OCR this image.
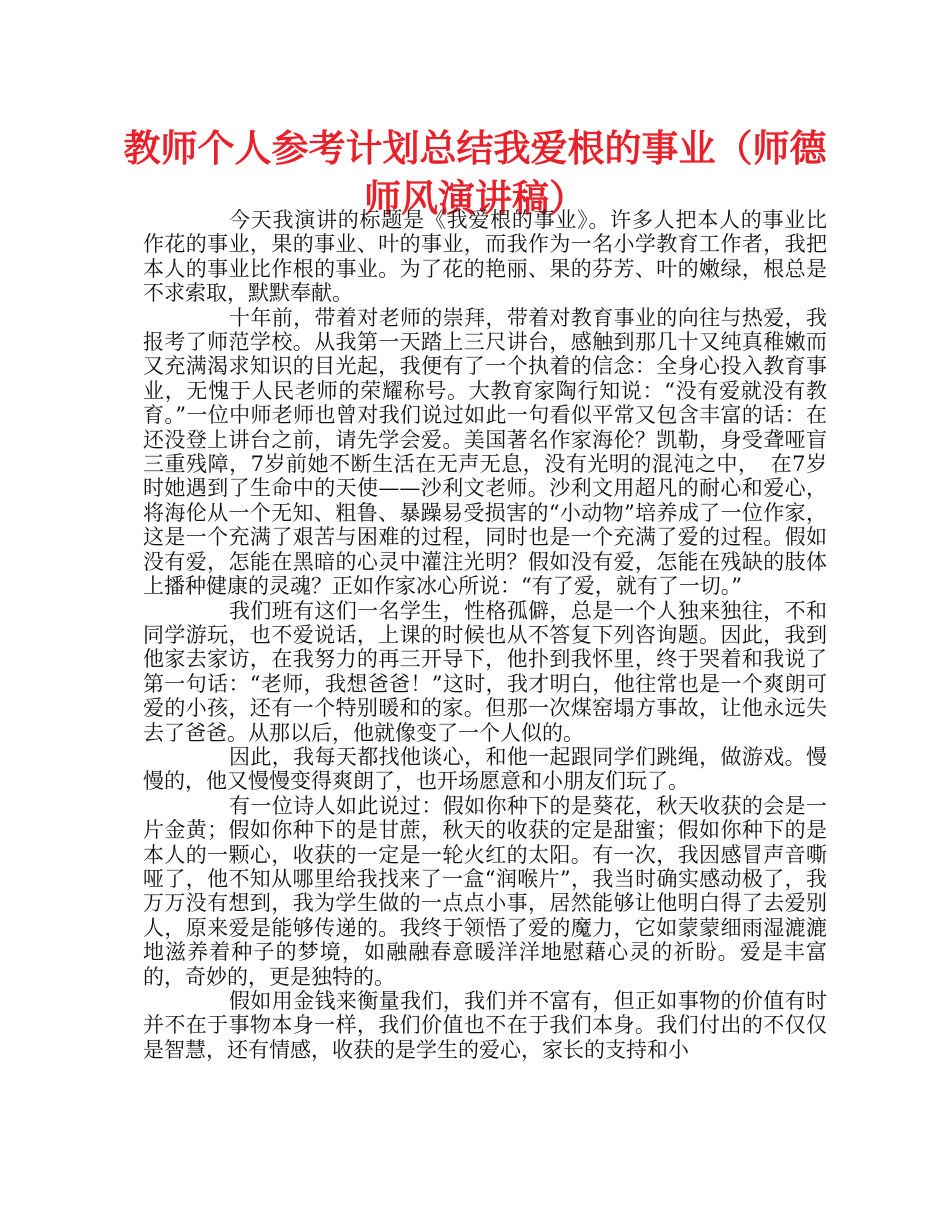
教师个人参考计划总结我爱根的事业（师德师风演讲稿）

今天我演讲的标题是《我爱根的事业》。许多人把本人的事业比作花的事业，果的事业、叶的事业，而我作为一名小学教育工作者，我把本人的事业比作根的事业。为了花的艳丽、果的芬芳、叶的嫩绿，根总是不求索取，默默奉献。

十年前，带着对老师的崇拜，带着对教育事业的向往与热爱，我报考了师范学校。从我第一天踏上三尺讲台，感触到那几十又纯真稚嫩而又充满渴求知识的目光起，我便有了一个执着的信念：全身心投入教育事业，无愧于人民老师的荣耀称号。大教育家陶行知说：“没有爱就没有教育。”一位中师老师也曾对我们说过如此一句看似平常又包含丰富的话：在还没登上讲台之前，请先学会爱。美国著名作家海伦？凯勒，身受聋哑盲三重残障，7岁前她不断生活在无声无息，没有光明的混沌之中，　在7岁时她遇到了生命中的天使——沙利文老师。沙利文用超凡的耐心和爱心，将海伦从一个无知、粗鲁、暴躁易受损害的“小动物”培养成了一位作家，这是一个充满了艰苦与困难的过程，同时也是一个充满了爱的过程。假如没有爱，怎能在黑暗的心灵中灌注光明？假如没有爱，怎能在残缺的肢体上播种健康的灵魂？正如作家冰心所说：“有了爱，就有了一切。”

我们班有这们一名学生，性格孤僻，总是一个人独来独往，不和同学游玩，也不爱说话，上课的时候也从不答复下列咨询题。因此，我到他家去家访，在我努力的再三开导下，他扑到我怀里，终于哭着和我说了第一句话：“老师，我想爸爸！”这时，我才明白，他往常也是一个爽朗可爱的小孩，还有一个特别暖和的家。但那一次煤窑塌方事故，让他永远失去了爸爸。从那以后，他就像变了一个人似的。

因此，我每天都找他谈心，和他一起跟同学们跳绳，做游戏。慢慢的，他又慢慢变得爽朗了，也开场愿意和小朋友们玩了。

有一位诗人如此说过：假如你种下的是葵花，秋天收获的会是一片金黄；假如你种下的是甘蔗，秋天的收获的定是甜蜜；假如你种下的是本人的一颗心，收获的一定是一轮火红的太阳。有一次，我因感冒声音嘶哑了，他不知从哪里给我找来了一盒“润喉片”，我当时确实感动极了，我万万没有想到，我为学生做的一点点小事，居然能够让他明白得了去爱别人，原来爱是能够传递的。我终于领悟了爱的魔力，它如蒙蒙细雨湿漉漉地滋养着种子的梦境，如融融春意暖洋洋地慰藉心灵的祈盼。爱是丰富的，奇妙的，更是独特的。

假如用金钱来衡量我们，我们并不富有，但正如事物的价值有时并不在于事物本身一样，我们价值也不在于我们本身。我们付出的不仅仅是智慧，还有情感，收获的是学生的爱心，家长的支持和小
